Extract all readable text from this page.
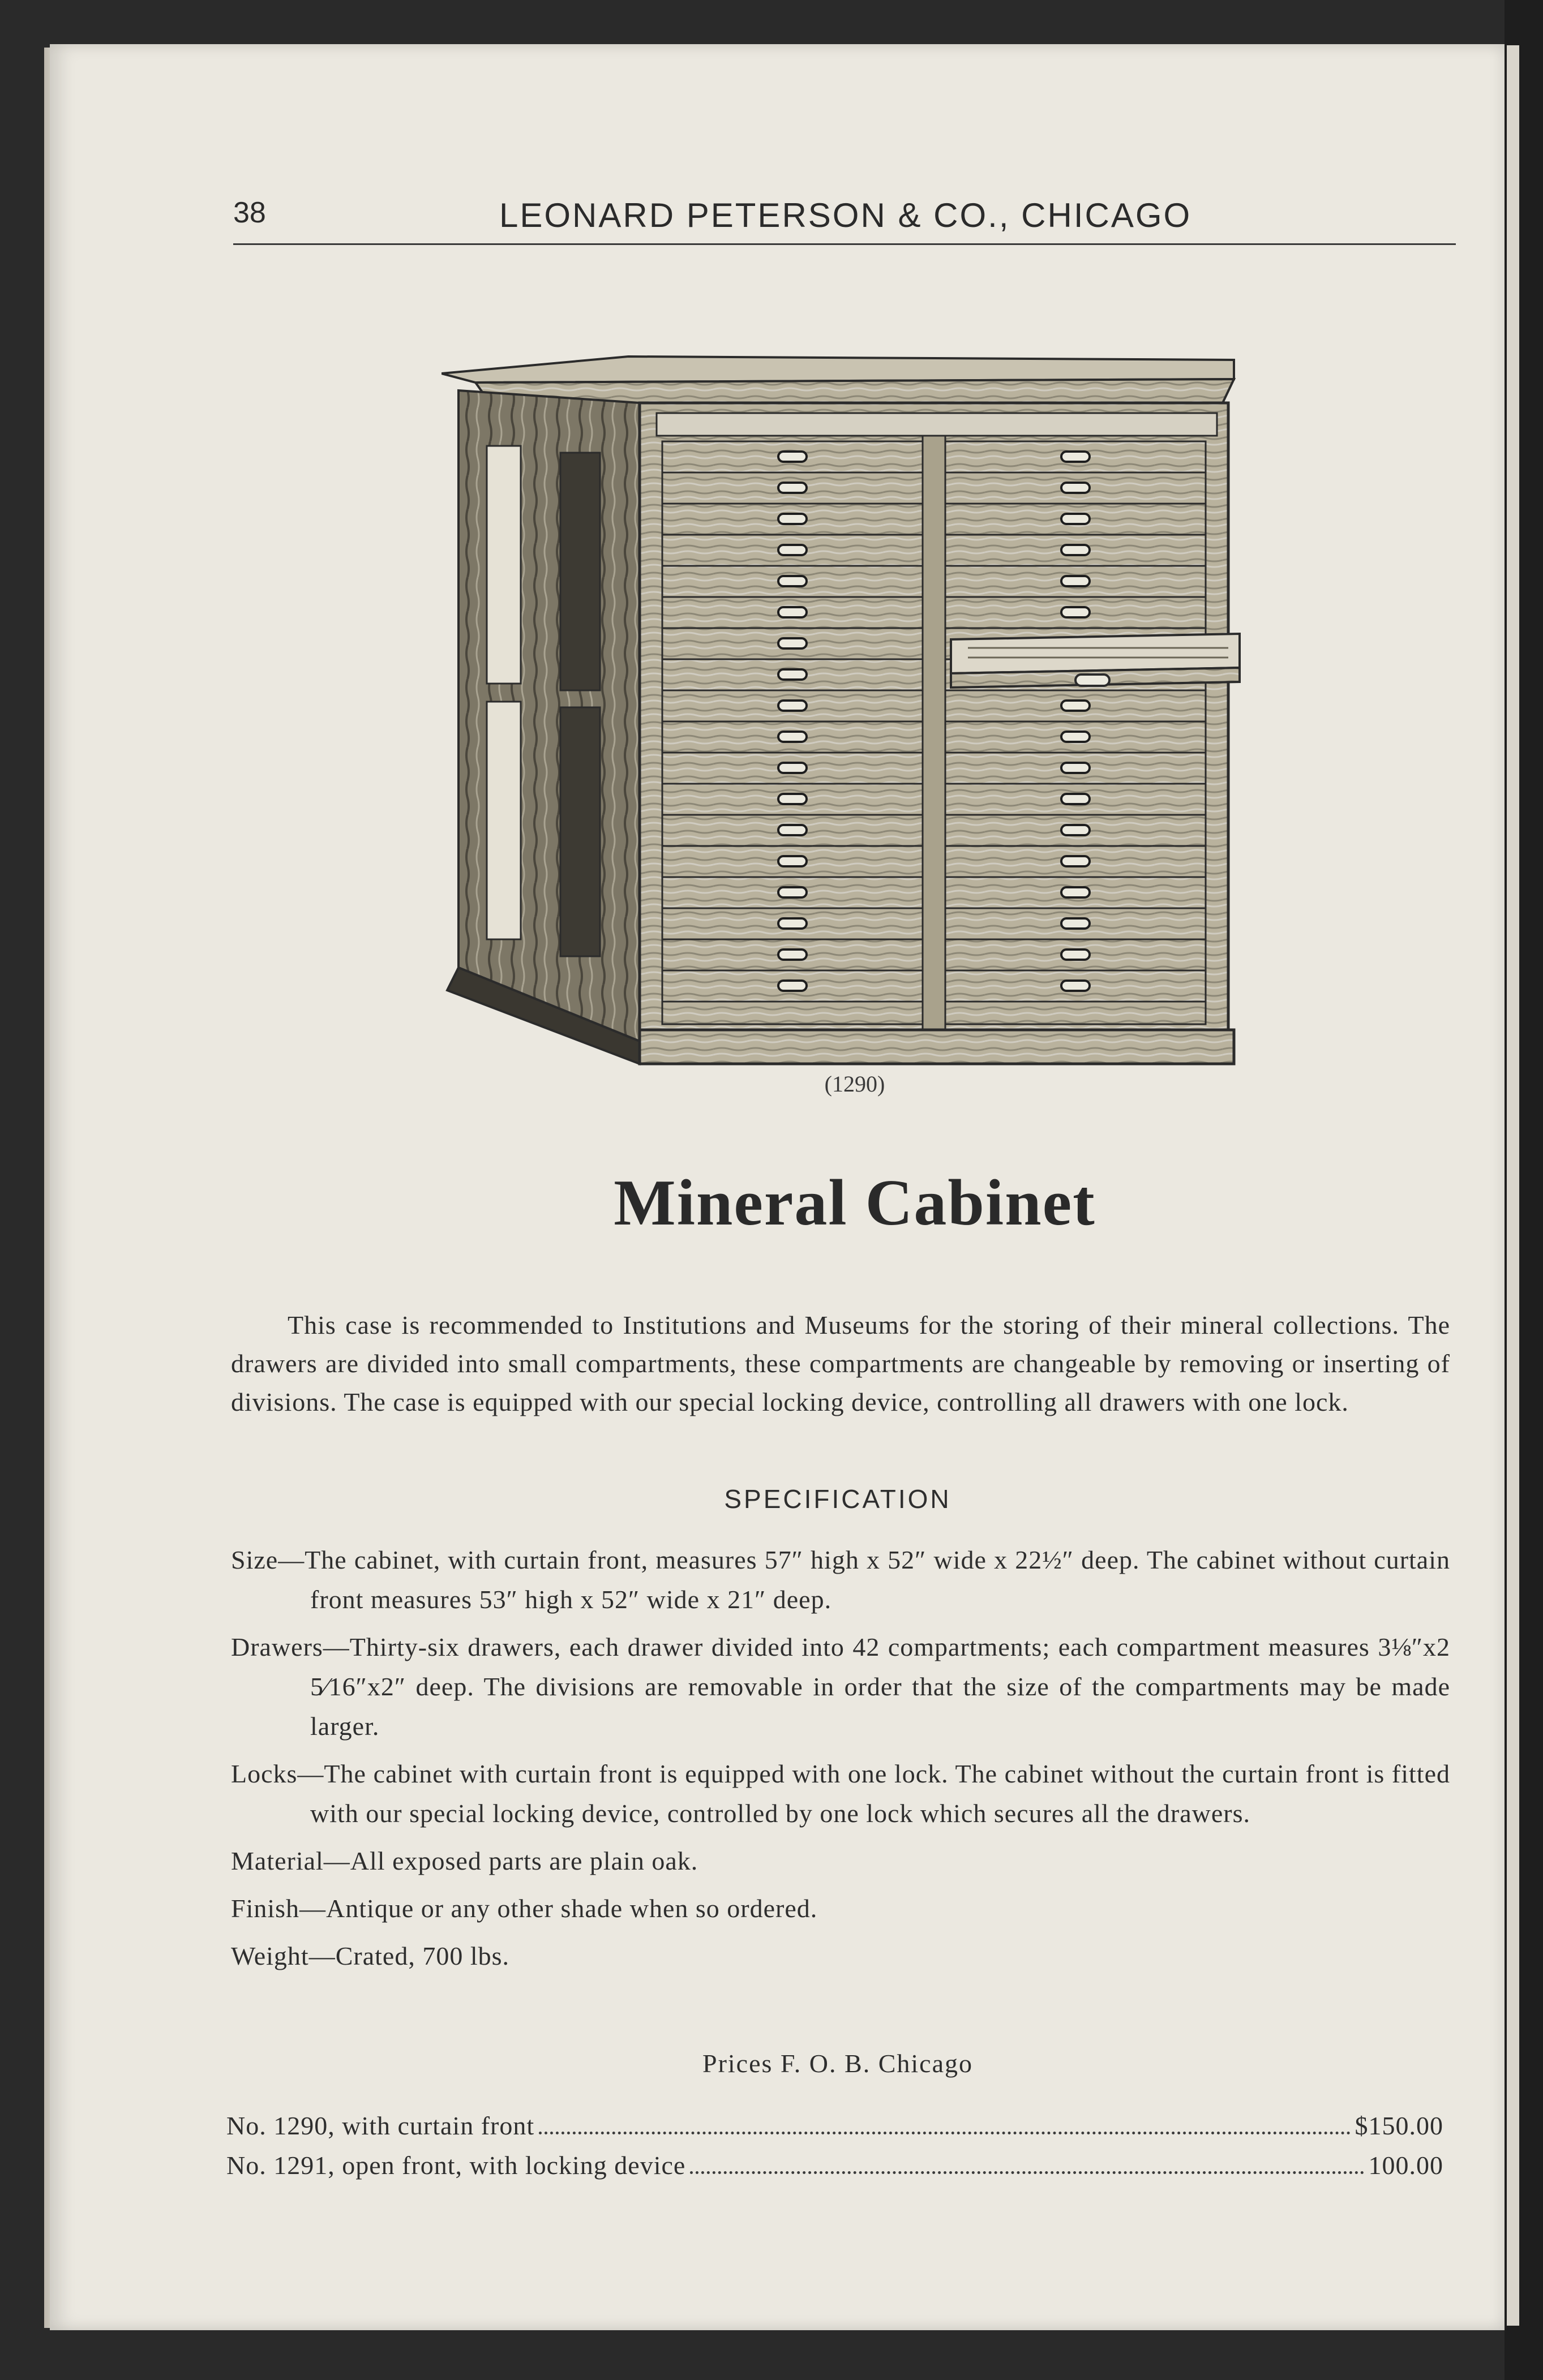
38	LEONARD PETERSON & CO., CHICAGO
(1290)
Mineral Cabinet

This case is recommended to Institutions and Museums for the storing of their mineral collections. The drawers are divided into small compartments, these compartments are changeable by removing or inserting of divisions. The case is equipped with our special locking device, controlling all drawers with one lock.

SPECIFICATION
Size—The cabinet, with curtain front, measures 57″ high x 52″ wide x 22½″ deep. The cabinet without curtain front measures 53″ high x 52″ wide x 21″ deep.
Drawers—Thirty-six drawers, each drawer divided into 42 compartments; each compartment measures 3⅛″x2 5⁄16″x2″ deep. The divisions are removable in order that the size of the compartments may be made larger.
Locks—The cabinet with curtain front is equipped with one lock. The cabinet without the curtain front is fitted with our special locking device, controlled by one lock which secures all the drawers.
Material—All exposed parts are plain oak.
Finish—Antique or any other shade when so ordered.
Weight—Crated, 700 lbs.
Prices F. O. B. Chicago
No. 1290, with curtain front	$150.00
No. 1291, open front, with locking device	100.00
